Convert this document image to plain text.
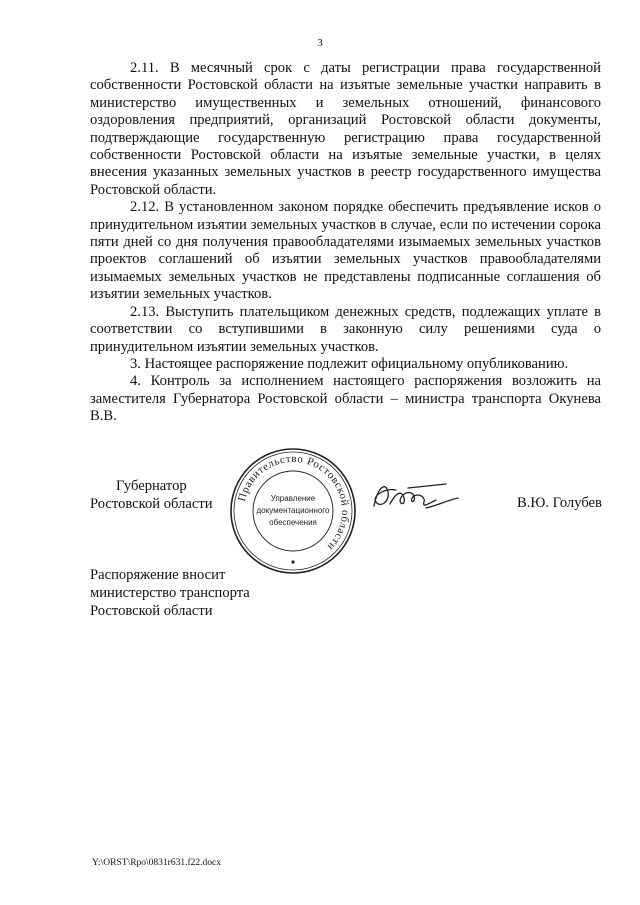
3

2.11. В месячный срок с даты регистрации права государственной собственности Ростовской области на изъятые земельные участки направить в министерство имущественных и земельных отношений, финансового оздоровления предприятий, организаций Ростовской области документы, подтверждающие государственную регистрацию права государственной собственности Ростовской области на изъятые земельные участки, в целях внесения указанных земельных участков в реестр государственного имущества Ростовской области.

2.12. В установленном законом порядке обеспечить предъявление исков о принудительном изъятии земельных участков в случае, если по истечении сорока пяти дней со дня получения правообладателями изымаемых земельных участков проектов соглашений об изъятии земельных участков правообладателями изымаемых земельных участков не представлены подписанные соглашения об изъятии земельных участков.

2.13. Выступить плательщиком денежных средств, подлежащих уплате в соответствии со вступившими в законную силу решениями суда о принудительном изъятии земельных участков.

3. Настоящее распоряжение подлежит официальному опубликованию.

4. Контроль за исполнением настоящего распоряжения возложить на заместителя Губернатора Ростовской области – министра транспорта Окунева В.В.

Губернатор
Ростовской области Правительство Ростовской области
Управление
документационного
обеспечения
В.Ю. Голубев
Распоряжение вносит
министерство транспорта
Ростовской области
Y:\ORST\Rpo\0831r631.f22.docx
